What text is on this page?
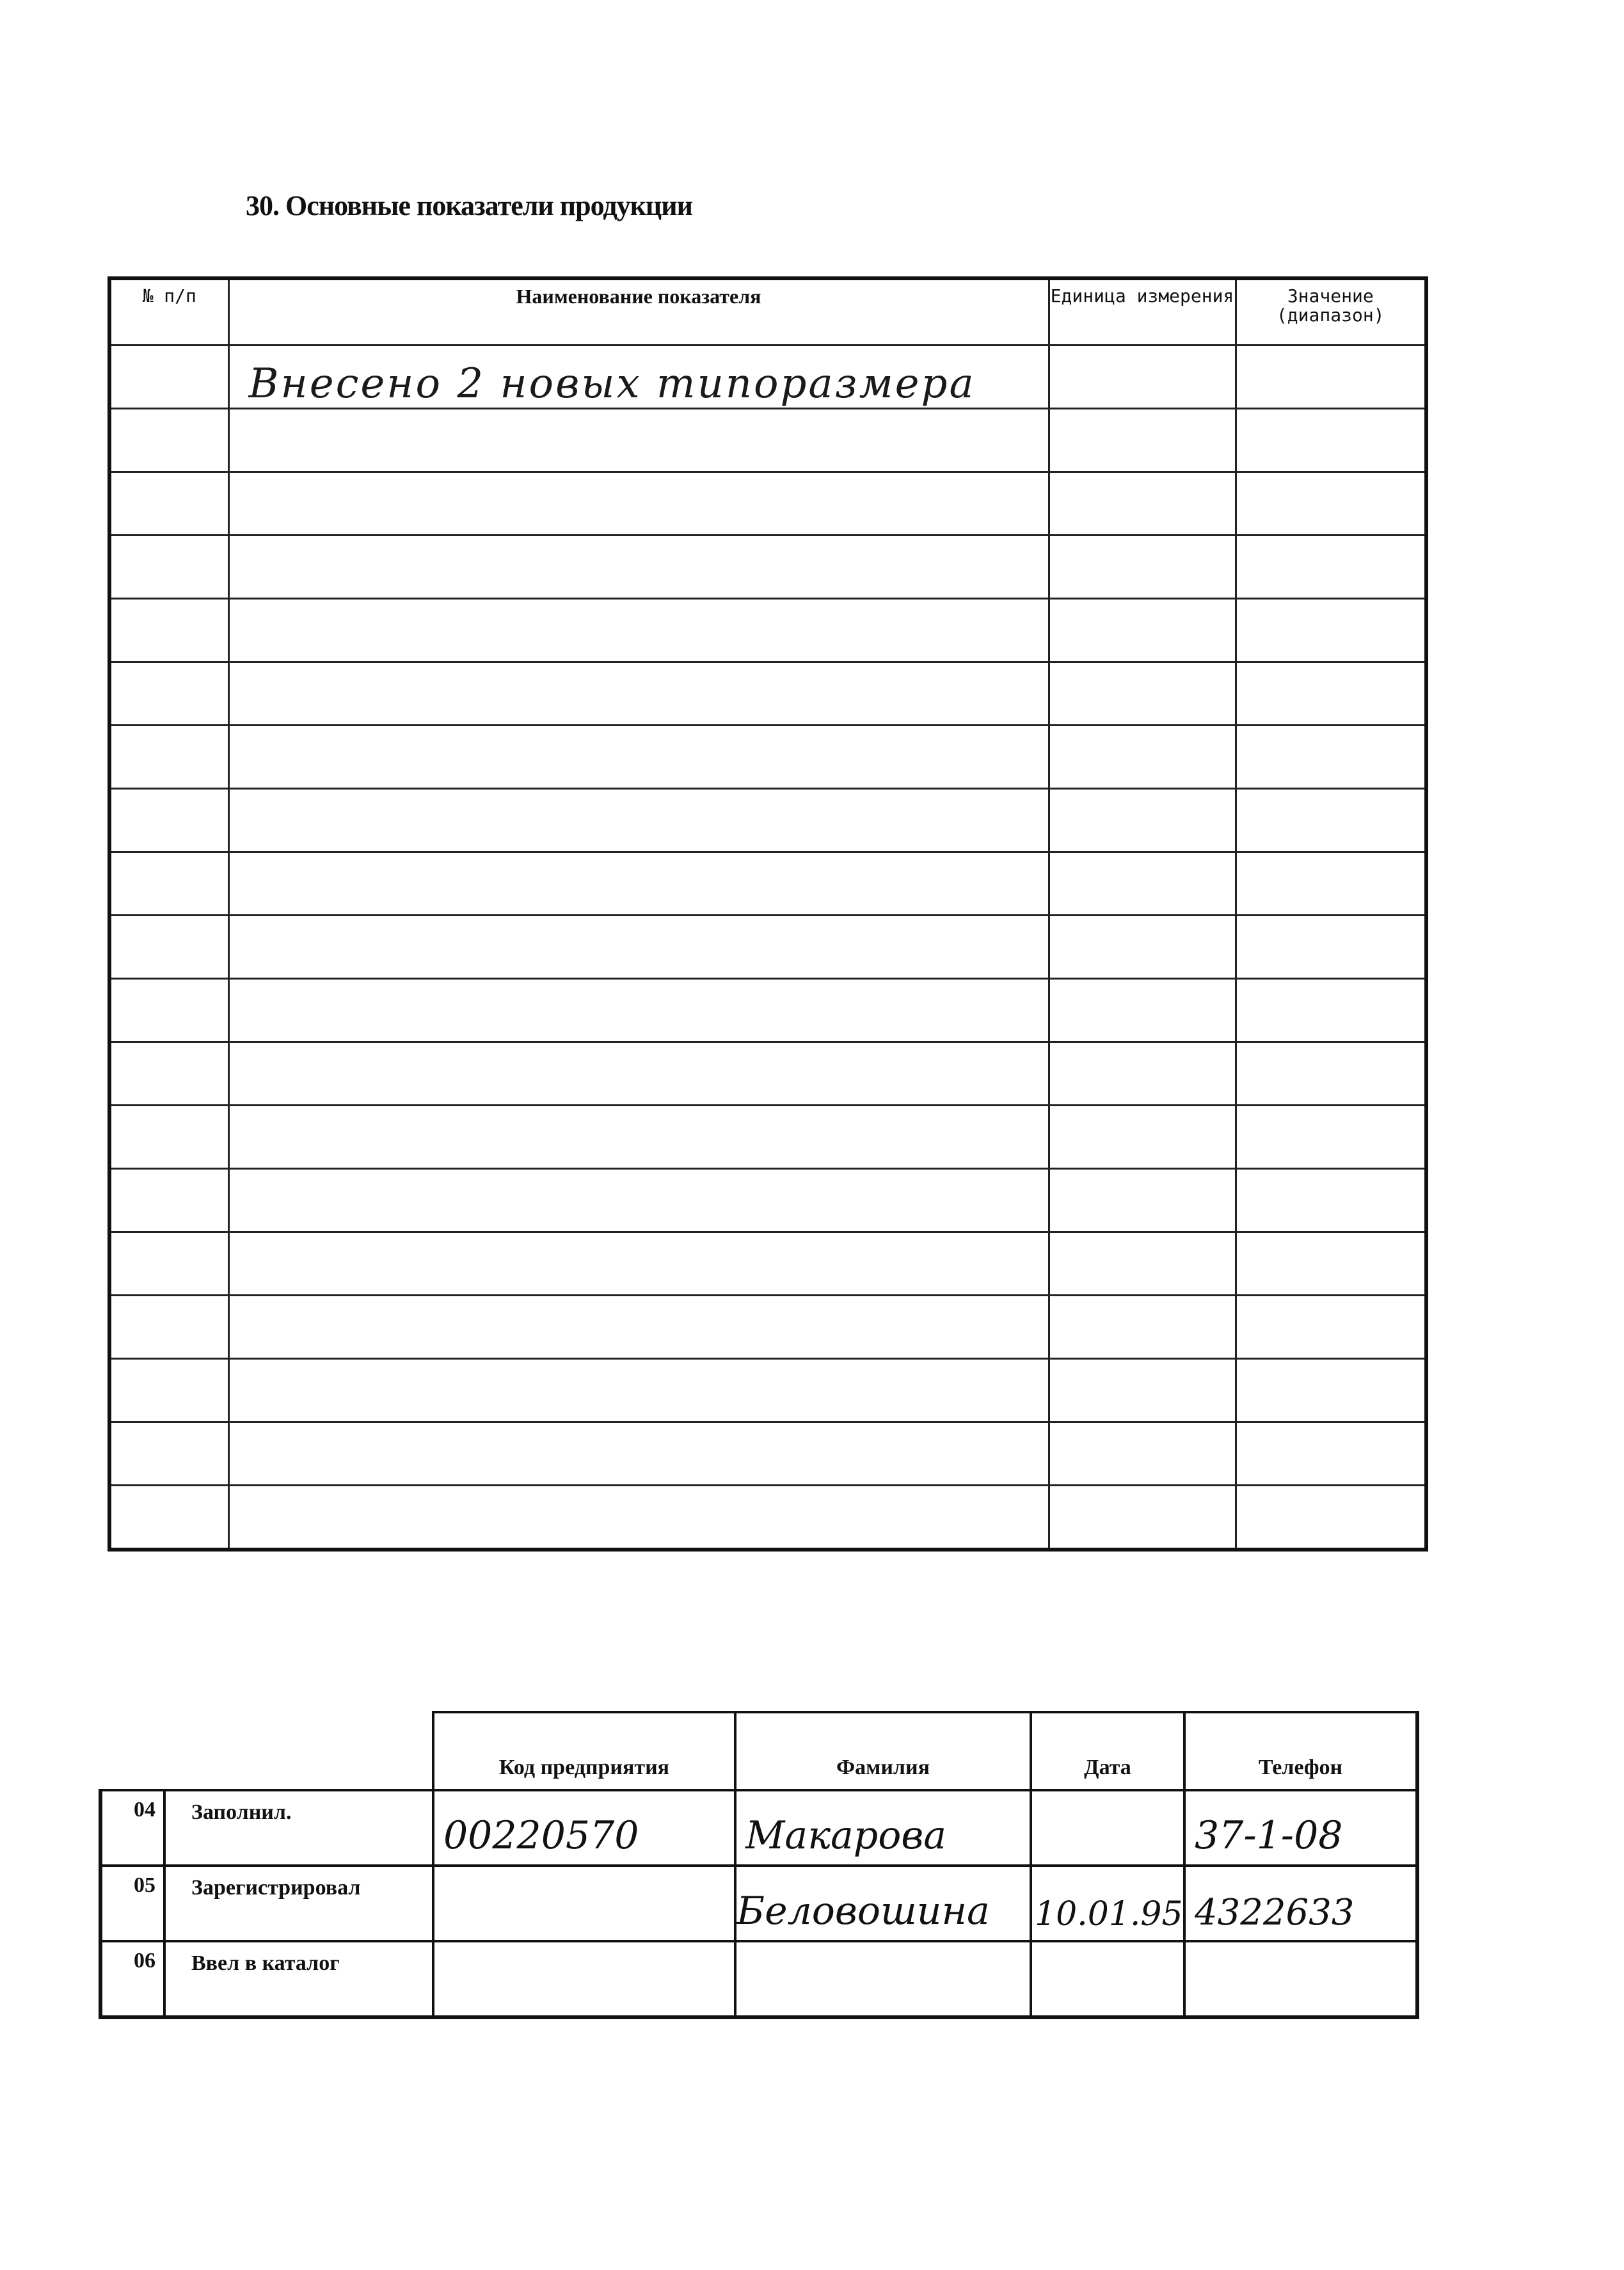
30. Основные показатели продукции
№ п/п	Наименование показателя	Единица измерения	Значение (диапазон)
	Внесено 2 новых типоразмера		

		Код предприятия	Фамилия	Дата	Телефон
04	Заполнил.	00220570	Макарова		37-1-08
05	Зарегистрировал		Беловошина	10.01.95	4322633
06	Ввел в каталог				
